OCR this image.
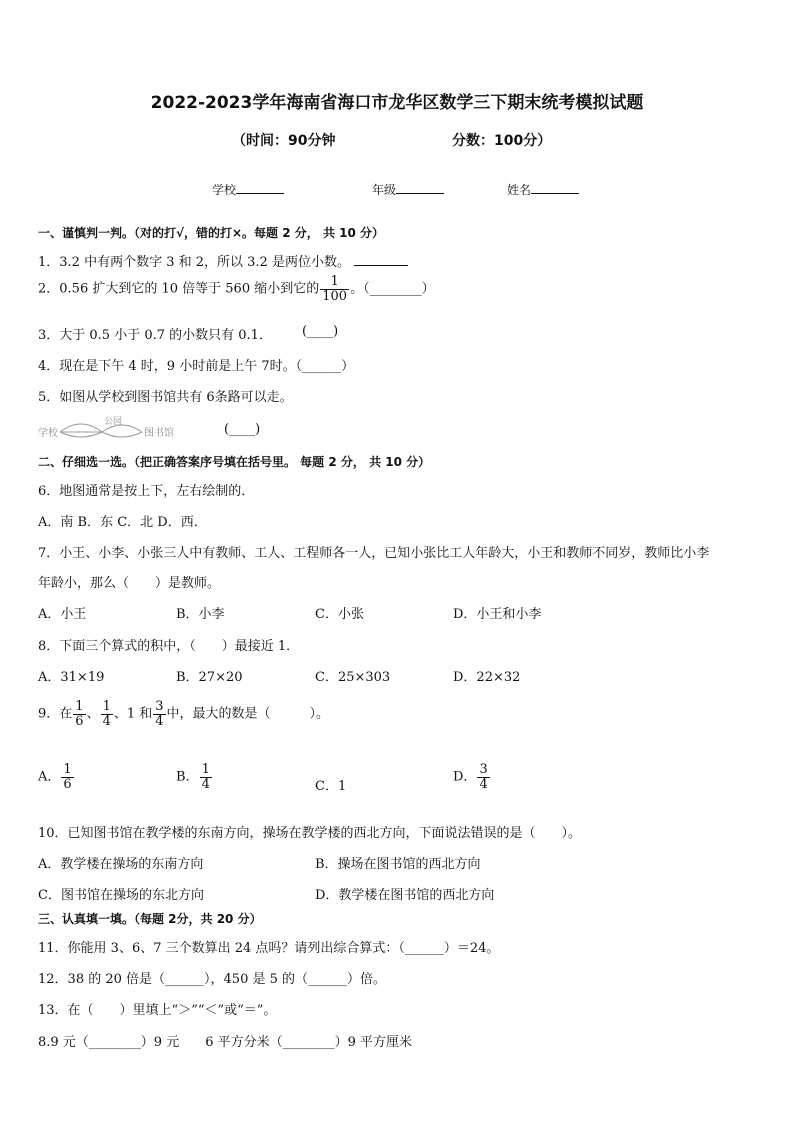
2022-2023学年海南省海口市龙华区数学三下期末统考模拟试题
（时间：90分钟	分数：100分）
学校	年级	姓名
一、谨慎判一判。（对的打√，错的打×。每题 2 分， 共 10 分）
1．3.2 中有两个数字 3 和 2，所以 3.2 是两位小数。
2．0.56 扩大到它的 10 倍等于 560 缩小到它的 $\frac{1}{100}$ 。（________）
3．大于 0.5 小于 0.7 的小数只有 0.1． (____)
4．现在是下午 4 时，9 小时前是上午 7时。（______）
5．如图从学校到图书馆共有 6条路可以走。
学校
公园
图书馆	(____)
二、仔细选一选。（把正确答案序号填在括号里。 每题 2 分， 共 10 分）
6．地图通常是按上下，左右绘制的．
A．南 B．东 C．北 D．西．
7．小王、小李、小张三人中有教师、工人、工程师各一人，已知小张比工人年龄大，小王和教师不同岁，教师比小李
年龄小，那么（　　）是教师。
A．小王	B．小李	C．小张	D．小王和小李
8．下面三个算式的积中，（　　）最接近 1．
A．31×19	B．27×20	C．25×303	D．22×32
9．在 $\frac{1}{6}$ 、 $\frac{1}{4}$ 、1 和 $\frac{3}{4}$ 中，最大的数是（　　　）。
A． $\frac{1}{6}$	B． $\frac{1}{4}$	C．1
D． $\frac{3}{4}$
10．已知图书馆在教学楼的东南方向，操场在教学楼的西北方向，下面说法错误的是（　　）。
A．教学楼在操场的东南方向	B．操场在图书馆的西北方向
C．图书馆在操场的东北方向	D．教学楼在图书馆的西北方向
三、认真填一填。（每题 2分，共 20 分）
11．你能用 3、6、7 三个数算出 24 点吗？请列出综合算式：（______）＝24。
12．38 的 20 倍是（______），450 是 5 的（______）倍。
13．在（　　）里填上“＞”“＜”或“＝”。
8.9 元（________）9 元　　6 平方分米（________）9 平方厘米
